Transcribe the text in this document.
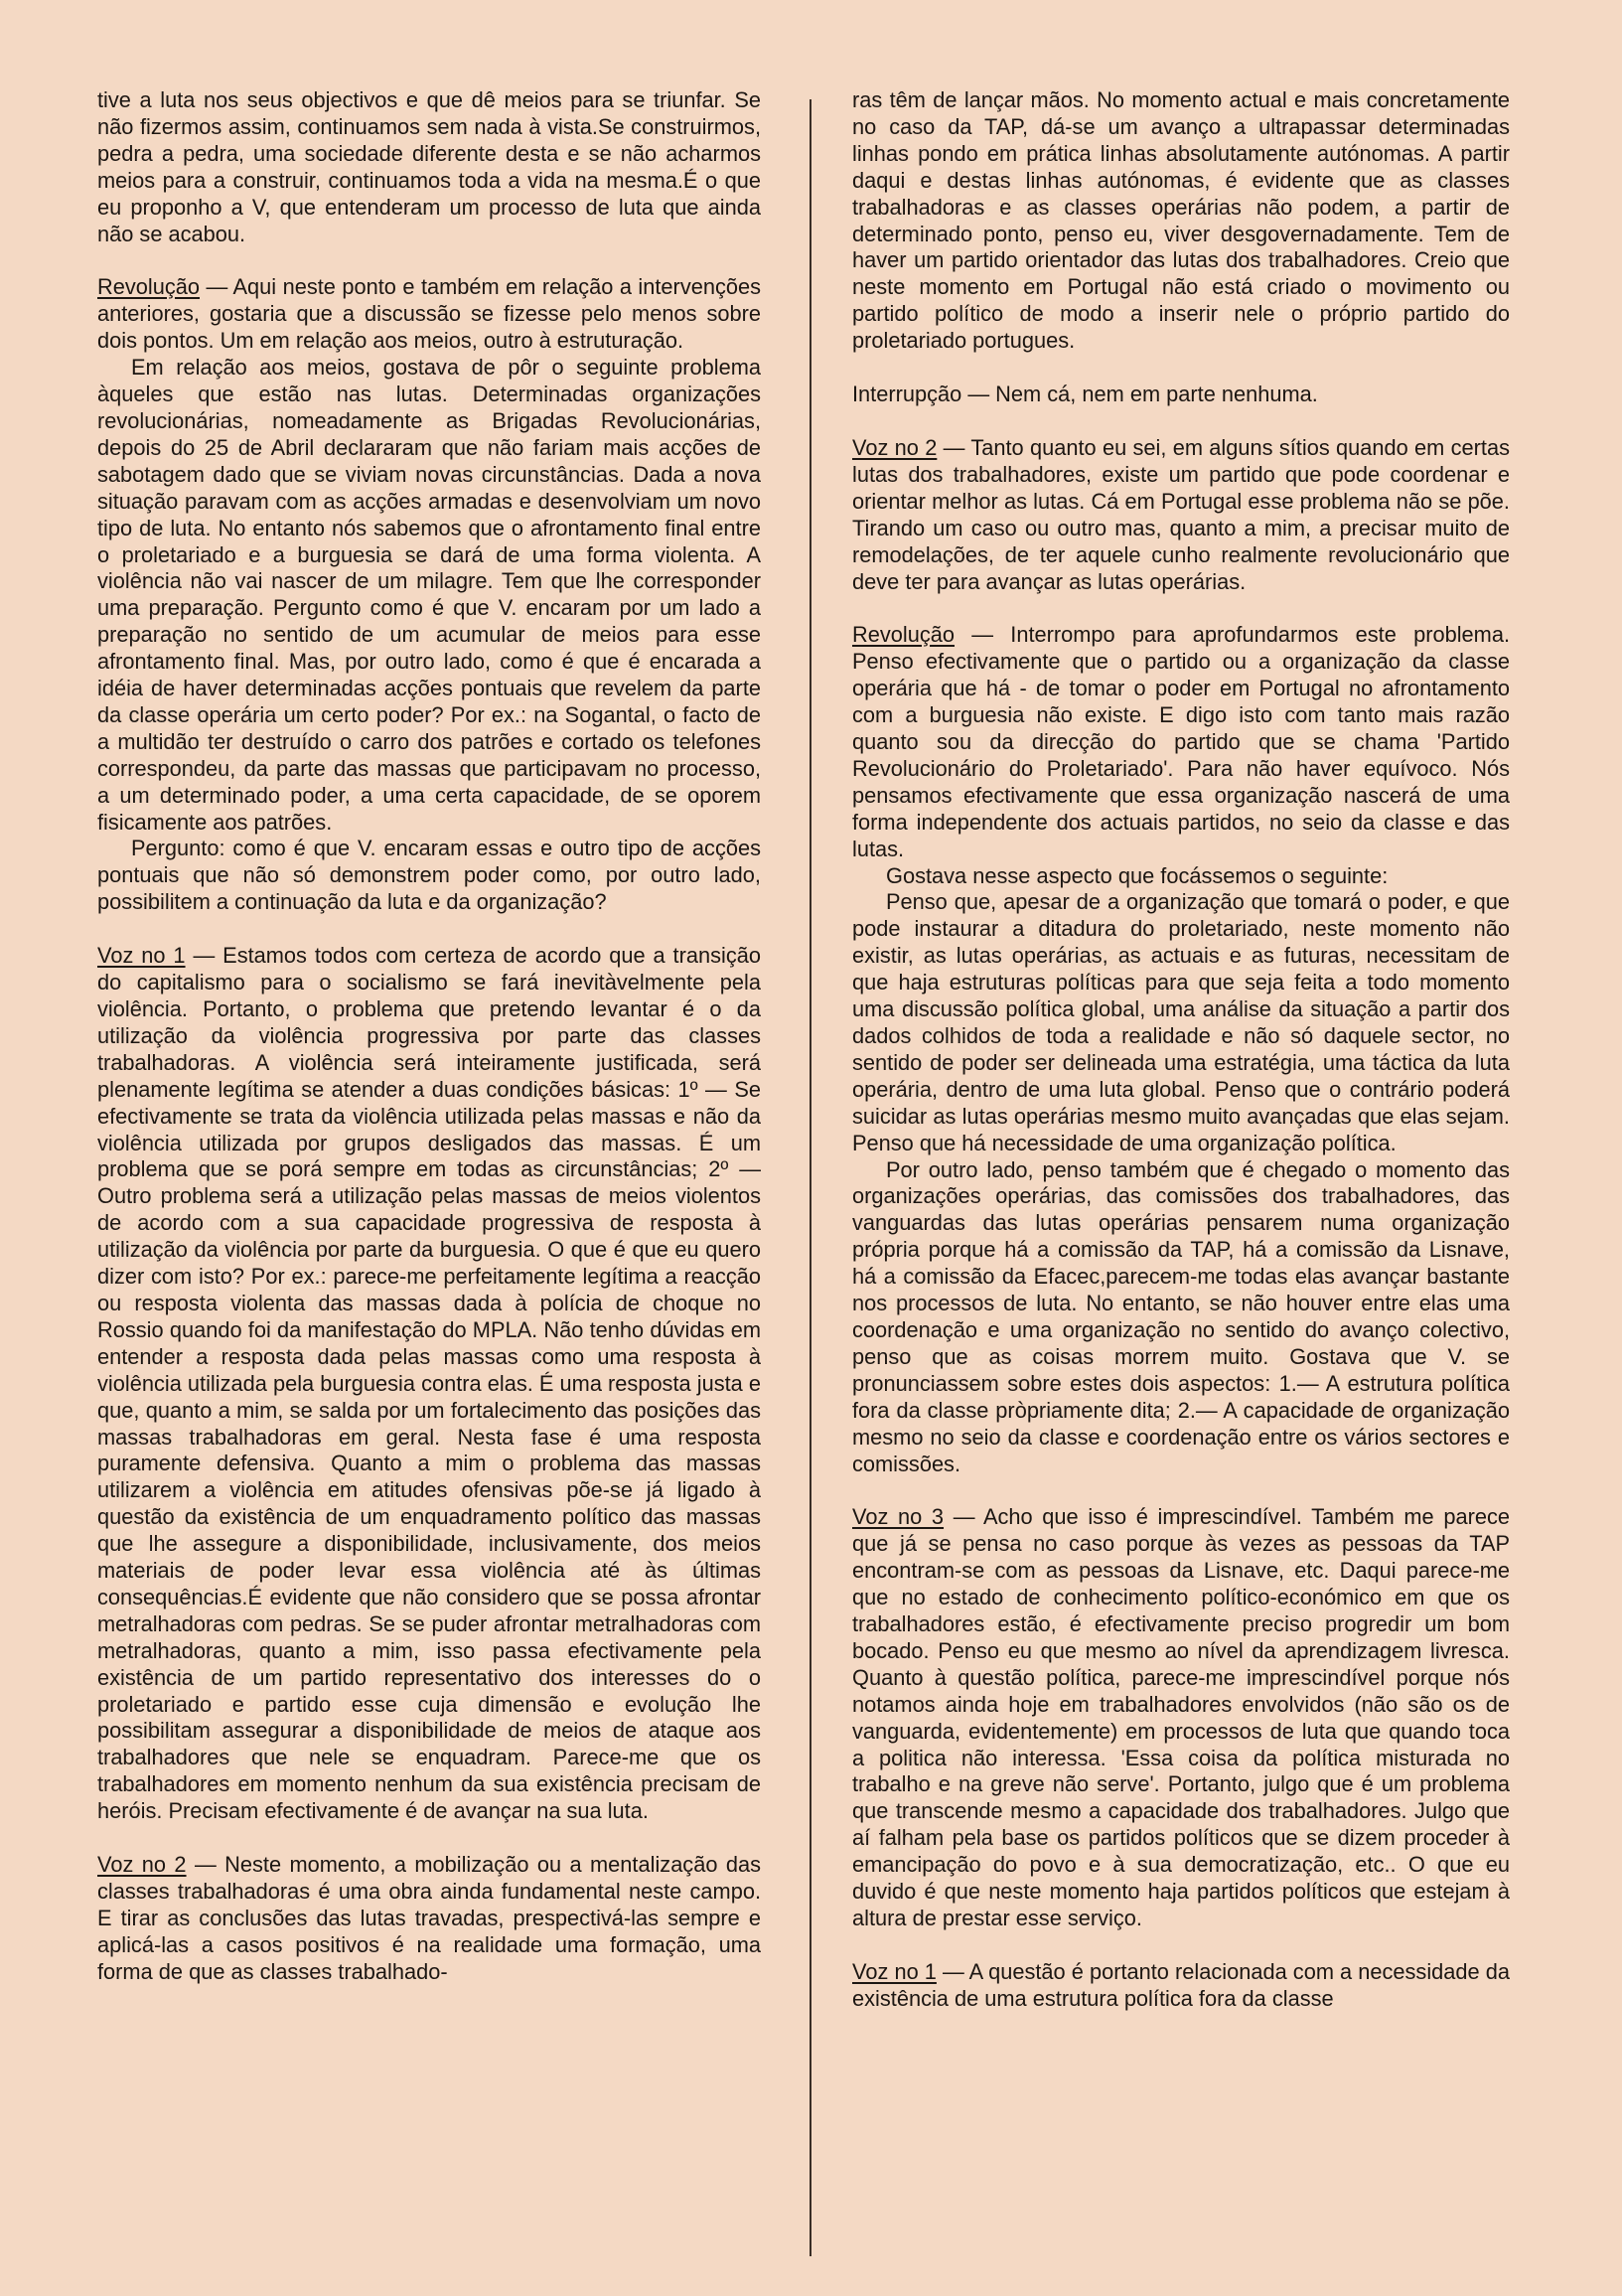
tive a luta nos seus objectivos e que dê meios para se triunfar. Se não fizermos assim, continuamos sem nada à vista.Se construirmos, pedra a pedra, uma sociedade diferente desta e se não acharmos meios para a construir, continuamos toda a vida na mesma.É o que eu proponho a V, que entenderam um processo de luta que ainda não se acabou.

Revolução — Aqui neste ponto e também em relação a intervenções anteriores, gostaria que a discussão se fizesse pelo menos sobre dois pontos. Um em relação aos meios, outro à estruturação.

Em relação aos meios, gostava de pôr o seguinte problema àqueles que estão nas lutas. Determinadas organizações revolucionárias, nomeadamente as Brigadas Revolucionárias, depois do 25 de Abril declararam que não fariam mais acções de sabotagem dado que se viviam novas circunstâncias. Dada a nova situação paravam com as acções armadas e desenvolviam um novo tipo de luta. No entanto nós sabemos que o afrontamento final entre o proletariado e a burguesia se dará de uma forma violenta. A violência não vai nascer de um milagre. Tem que lhe corresponder uma preparação. Pergunto como é que V. encaram por um lado a preparação no sentido de um acumular de meios para esse afrontamento final. Mas, por outro lado, como é que é encarada a idéia de haver determinadas acções pontuais que revelem da parte da classe operária um certo poder? Por ex.: na Sogantal, o facto de a multidão ter destruído o carro dos patrões e cortado os telefones correspondeu, da parte das massas que participavam no processo, a um determinado poder, a uma certa capacidade, de se oporem fisicamente aos patrões.

Pergunto: como é que V. encaram essas e outro tipo de acções pontuais que não só demonstrem poder como, por outro lado, possibilitem a continuação da luta e da organização?

Voz no 1 — Estamos todos com certeza de acordo que a transição do capitalismo para o socialismo se fará inevitàvelmente pela violência. Portanto, o problema que pretendo levantar é o da utilização da violência progressiva por parte das classes trabalhadoras. A violência será inteiramente justificada, será plenamente legítima se atender a duas condições básicas: 1º — Se efectivamente se trata da violência utilizada pelas massas e não da violência utilizada por grupos desligados das massas. É um problema que se porá sempre em todas as circunstâncias; 2º — Outro problema será a utilização pelas massas de meios violentos de acordo com a sua capacidade progressiva de resposta à utilização da violência por parte da burguesia. O que é que eu quero dizer com isto? Por ex.: parece-me perfeitamente legítima a reacção ou resposta violenta das massas dada à polícia de choque no Rossio quando foi da manifestação do MPLA. Não tenho dúvidas em entender a resposta dada pelas massas como uma resposta à violência utilizada pela burguesia contra elas. É uma resposta justa e que, quanto a mim, se salda por um fortalecimento das posições das massas trabalhadoras em geral. Nesta fase é uma resposta puramente defensiva. Quanto a mim o problema das massas utilizarem a violência em atitudes ofensivas põe-se já ligado à questão da existência de um enquadramento político das massas que lhe assegure a disponibilidade, inclusivamente, dos meios materiais de poder levar essa violência até às últimas consequências.É evidente que não considero que se possa afrontar metralhadoras com pedras. Se se puder afrontar metralhadoras com metralhadoras, quanto a mim, isso passa efectivamente pela existência de um partido representativo dos interesses do o proletariado e partido esse cuja dimensão e evolução lhe possibilitam assegurar a disponibilidade de meios de ataque aos trabalhadores que nele se enquadram. Parece-me que os trabalhadores em momento nenhum da sua existência precisam de heróis. Precisam efectivamente é de avançar na sua luta.

Voz no 2 — Neste momento, a mobilização ou a mentalização das classes trabalhadoras é uma obra ainda fundamental neste campo. E tirar as conclusões das lutas travadas, prespectivá-las sempre e aplicá-las a casos positivos é na realidade uma formação, uma forma de que as classes trabalhado-

ras têm de lançar mãos. No momento actual e mais concretamente no caso da TAP, dá-se um avanço a ultrapassar determinadas linhas pondo em prática linhas absolutamente autónomas. A partir daqui e destas linhas autónomas, é evidente que as classes trabalhadoras e as classes operárias não podem, a partir de determinado ponto, penso eu, viver desgovernadamente. Tem de haver um partido orientador das lutas dos trabalhadores. Creio que neste momento em Portugal não está criado o movimento ou partido político de modo a inserir nele o próprio partido do proletariado portugues.

Interrupção — Nem cá, nem em parte nenhuma.

Voz no 2 — Tanto quanto eu sei, em alguns sítios quando em certas lutas dos trabalhadores, existe um partido que pode coordenar e orientar melhor as lutas. Cá em Portugal esse problema não se põe. Tirando um caso ou outro mas, quanto a mim, a precisar muito de remodelações, de ter aquele cunho realmente revolucionário que deve ter para avançar as lutas operárias.

Revolução — Interrompo para aprofundarmos este problema. Penso efectivamente que o partido ou a organização da classe operária que há - de tomar o poder em Portugal no afrontamento com a burguesia não existe. E digo isto com tanto mais razão quanto sou da direcção do partido que se chama 'Partido Revolucionário do Proletariado'. Para não haver equívoco. Nós pensamos efectivamente que essa organização nascerá de uma forma independente dos actuais partidos, no seio da classe e das lutas.

Gostava nesse aspecto que focássemos o seguinte:

Penso que, apesar de a organização que tomará o poder, e que pode instaurar a ditadura do proletariado, neste momento não existir, as lutas operárias, as actuais e as futuras, necessitam de que haja estruturas políticas para que seja feita a todo momento uma discussão política global, uma análise da situação a partir dos dados colhidos de toda a realidade e não só daquele sector, no sentido de poder ser delineada uma estratégia, uma táctica da luta operária, dentro de uma luta global. Penso que o contrário poderá suicidar as lutas operárias mesmo muito avançadas que elas sejam. Penso que há necessidade de uma organização política.

Por outro lado, penso também que é chegado o momento das organizações operárias, das comissões dos trabalhadores, das vanguardas das lutas operárias pensarem numa organização própria porque há a comissão da TAP, há a comissão da Lisnave, há a comissão da Efacec,parecem-me todas elas avançar bastante nos processos de luta. No entanto, se não houver entre elas uma coordenação e uma organização no sentido do avanço colectivo, penso que as coisas morrem muito. Gostava que V. se pronunciassem sobre estes dois aspectos: 1.— A estrutura política fora da classe pròpriamente dita; 2.— A capacidade de organização mesmo no seio da classe e coordenação entre os vários sectores e comissões.

Voz no 3 — Acho que isso é imprescindível. Também me parece que já se pensa no caso porque às vezes as pessoas da TAP encontram-se com as pessoas da Lisnave, etc. Daqui parece-me que no estado de conhecimento político-económico em que os trabalhadores estão, é efectivamente preciso progredir um bom bocado. Penso eu que mesmo ao nível da aprendizagem livresca. Quanto à questão política, parece-me imprescindível porque nós notamos ainda hoje em trabalhadores envolvidos (não são os de vanguarda, evidentemente) em processos de luta que quando toca a politica não interessa. 'Essa coisa da política misturada no trabalho e na greve não serve'. Portanto, julgo que é um problema que transcende mesmo a capacidade dos trabalhadores. Julgo que aí falham pela base os partidos políticos que se dizem proceder à emancipação do povo e à sua democratização, etc.. O que eu duvido é que neste momento haja partidos políticos que estejam à altura de prestar esse serviço.

Voz no 1 — A questão é portanto relacionada com a necessidade da existência de uma estrutura política fora da classe
